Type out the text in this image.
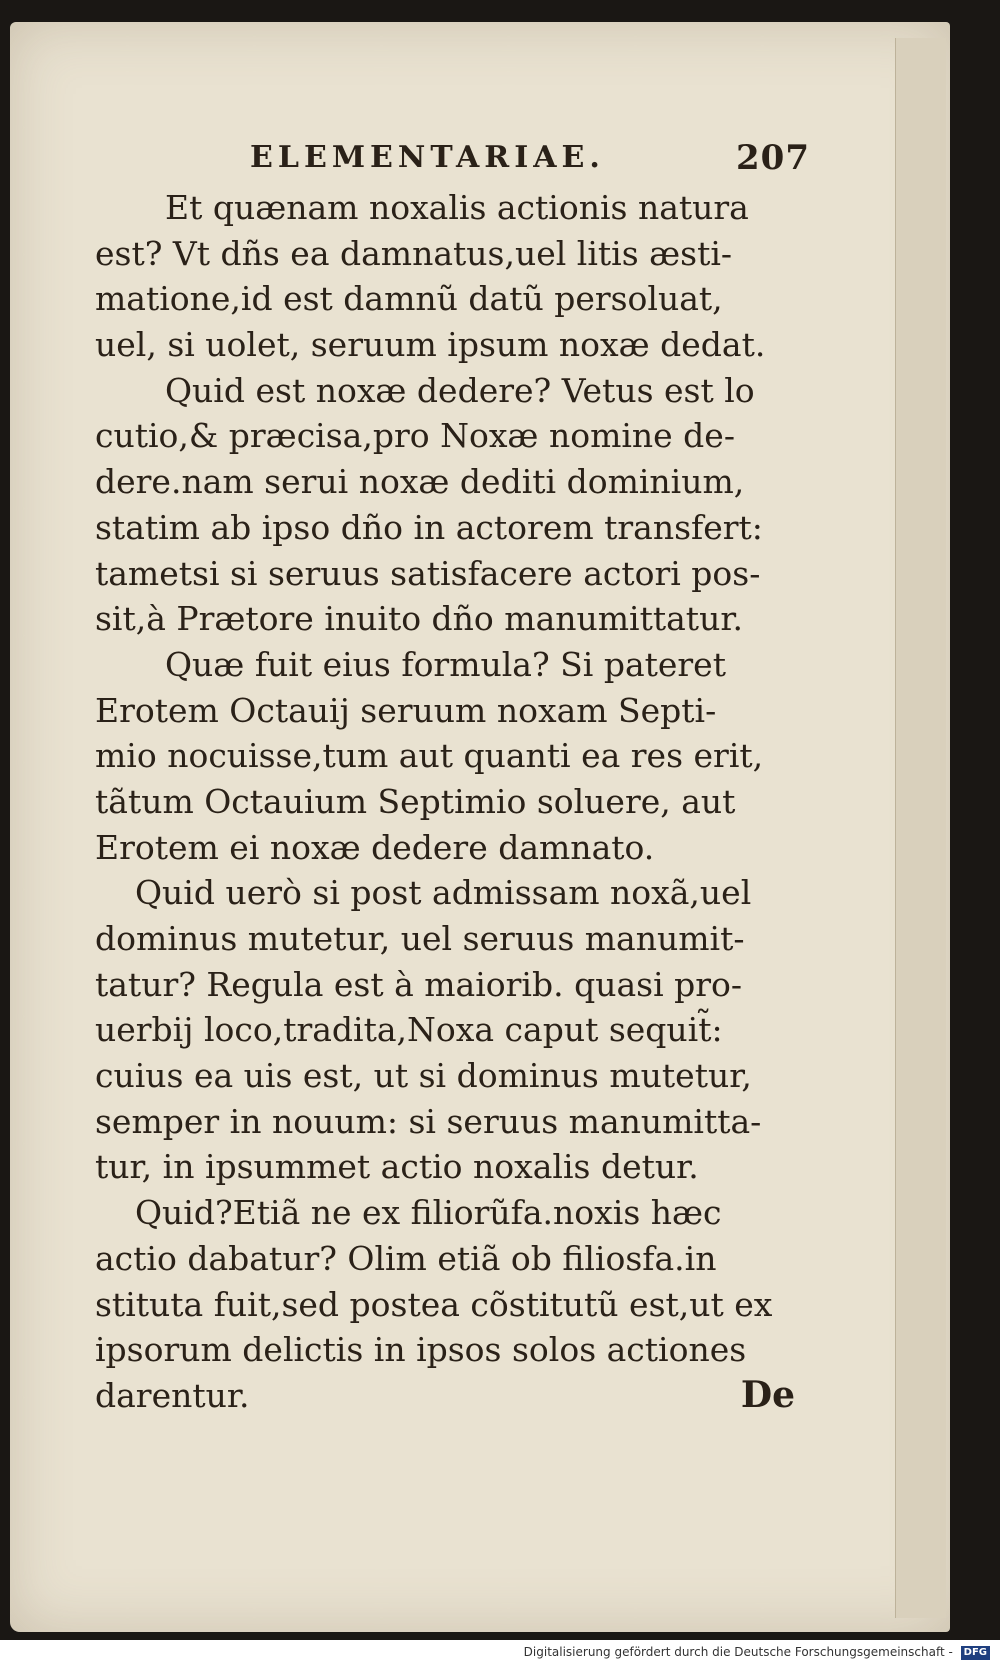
ELEMENTARIAE.	207
Et quænam noxalis actionis natura
est? Vt dñs ea damnatus,uel litis æsti-
matione,id est damnũ datũ persoluat,
uel, si uolet, seruum ipsum noxæ dedat.
Quid est noxæ dedere? Vetus est lo
cutio,& præcisa,pro Noxæ nomine de-
dere.nam serui noxæ dediti dominium,
statim ab ipso dño in actorem transfert:
tametsi si seruus satisfacere actori pos-
sit,à Prætore inuito dño manumittatur.
Quæ fuit eius formula? Si pateret
Erotem Octauij seruum noxam Septi-
mio nocuisse,tum aut quanti ea res erit,
tãtum Octauium Septimio soluere, aut
Erotem ei noxæ dedere damnato.
Quid uerò si post admissam noxã,uel
dominus mutetur, uel seruus manumit-
tatur? Regula est à maiorib. quasi pro-
uerbij loco,tradita,Noxa caput sequit̃:
cuius ea uis est, ut si dominus mutetur,
semper in nouum: si seruus manumitta-
tur, in ipsummet actio noxalis detur.
Quid?Etiã ne ex filiorũfa.noxis hæc
actio dabatur? Olim etiã ob filiosfa.in
stituta fuit,sed postea cõstitutũ est,ut ex
ipsorum delictis in ipsos solos actiones
darentur.	De
Digitalisierung gefördert durch die Deutsche Forschungsgemeinschaft - DFG
